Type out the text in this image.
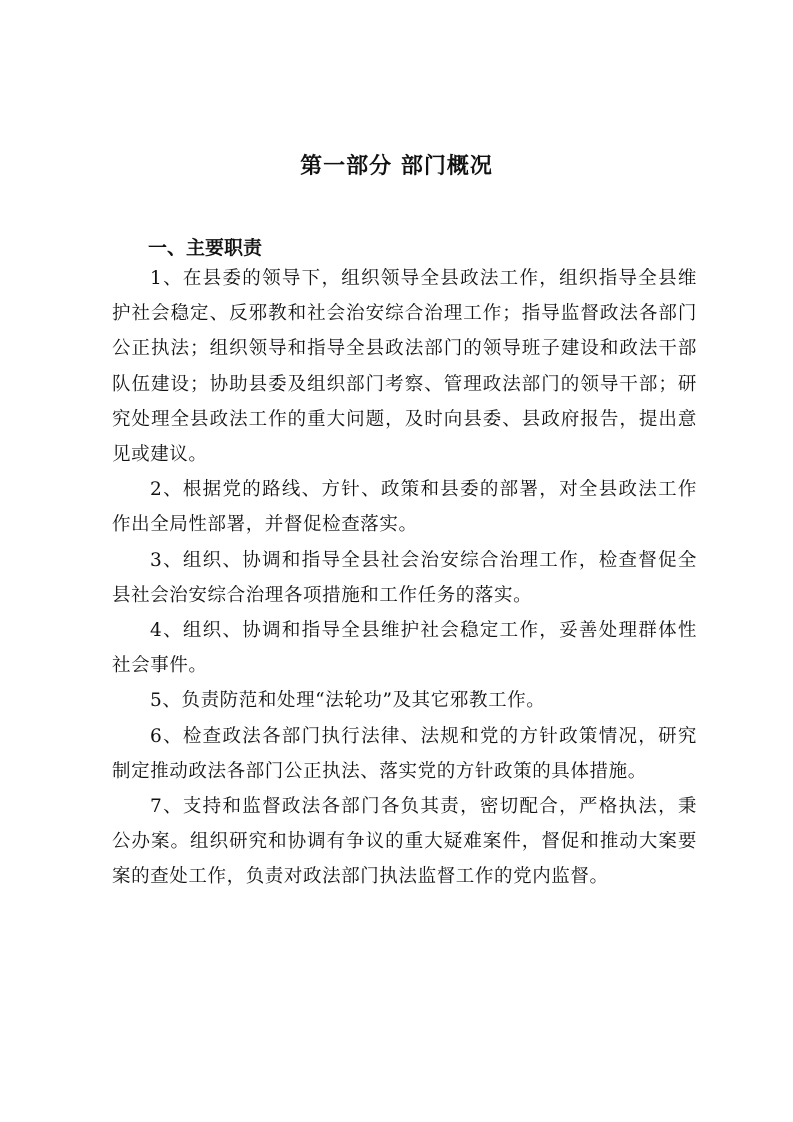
第一部分 部门概况
一、主要职责

1、在县委的领导下，组织领导全县政法工作，组织指导全县维护社会稳定、反邪教和社会治安综合治理工作；指导监督政法各部门公正执法；组织领导和指导全县政法部门的领导班子建设和政法干部队伍建设；协助县委及组织部门考察、管理政法部门的领导干部；研究处理全县政法工作的重大问题，及时向县委、县政府报告，提出意见或建议。

2、根据党的路线、方针、政策和县委的部署，对全县政法工作作出全局性部署，并督促检查落实。

3、组织、协调和指导全县社会治安综合治理工作，检查督促全县社会治安综合治理各项措施和工作任务的落实。

4、组织、协调和指导全县维护社会稳定工作，妥善处理群体性社会事件。

5、负责防范和处理“法轮功”及其它邪教工作。

6、检查政法各部门执行法律、法规和党的方针政策情况，研究制定推动政法各部门公正执法、落实党的方针政策的具体措施。

7、支持和监督政法各部门各负其责，密切配合，严格执法，秉公办案。组织研究和协调有争议的重大疑难案件，督促和推动大案要案的查处工作，负责对政法部门执法监督工作的党内监督。
